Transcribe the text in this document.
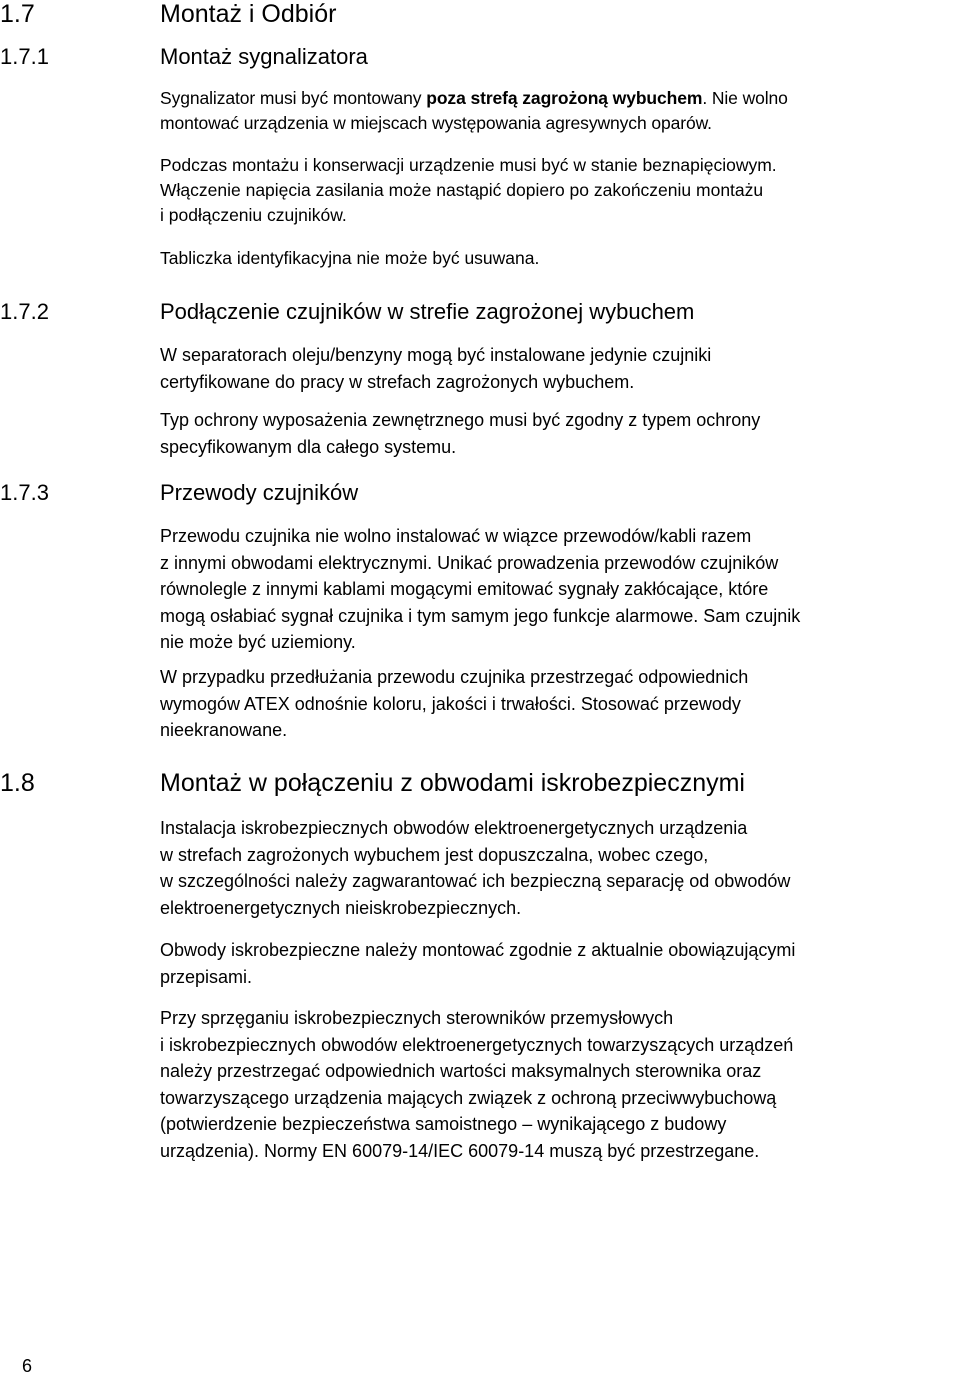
1.7	Montaż i Odbiór
1.7.1	Montaż sygnalizatora

Sygnalizator musi być montowany poza strefą zagrożoną wybuchem. Nie wolno
montować urządzenia w miejscach występowania agresywnych oparów.

Podczas montażu i konserwacji urządzenie musi być w stanie beznapięciowym.
Włączenie napięcia zasilania może nastąpić dopiero po zakończeniu montażu
i podłączeniu czujników.

Tabliczka identyfikacyjna nie może być usuwana.

1.7.2	Podłączenie czujników w strefie zagrożonej wybuchem

W separatorach oleju/benzyny mogą być instalowane jedynie czujniki
certyfikowane do pracy w strefach zagrożonych wybuchem.

Typ ochrony wyposażenia zewnętrznego musi być zgodny z typem ochrony
specyfikowanym dla całego systemu.

1.7.3	Przewody czujników

Przewodu czujnika nie wolno instalować w wiązce przewodów/kabli razem
z innymi obwodami elektrycznymi. Unikać prowadzenia przewodów czujników
równolegle z innymi kablami mogącymi emitować sygnały zakłócające, które
mogą osłabiać sygnał czujnika i tym samym jego funkcje alarmowe. Sam czujnik
nie może być uziemiony.

W przypadku przedłużania przewodu czujnika przestrzegać odpowiednich
wymogów ATEX odnośnie koloru, jakości i trwałości. Stosować przewody
nieekranowane.

1.8	Montaż w połączeniu z obwodami iskrobezpiecznymi

Instalacja iskrobezpiecznych obwodów elektroenergetycznych urządzenia
w strefach zagrożonych wybuchem jest dopuszczalna, wobec czego,
w szczególności należy zagwarantować ich bezpieczną separację od obwodów
elektroenergetycznych nieiskrobezpiecznych.

Obwody iskrobezpieczne należy montować zgodnie z aktualnie obowiązującymi
przepisami.

Przy sprzęganiu iskrobezpiecznych sterowników przemysłowych
i iskrobezpiecznych obwodów elektroenergetycznych towarzyszących urządzeń
należy przestrzegać odpowiednich wartości maksymalnych sterownika oraz
towarzyszącego urządzenia mających związek z ochroną przeciwwybuchową
(potwierdzenie bezpieczeństwa samoistnego – wynikającego z budowy
urządzenia). Normy EN 60079-14/IEC 60079-14 muszą być przestrzegane.

6
